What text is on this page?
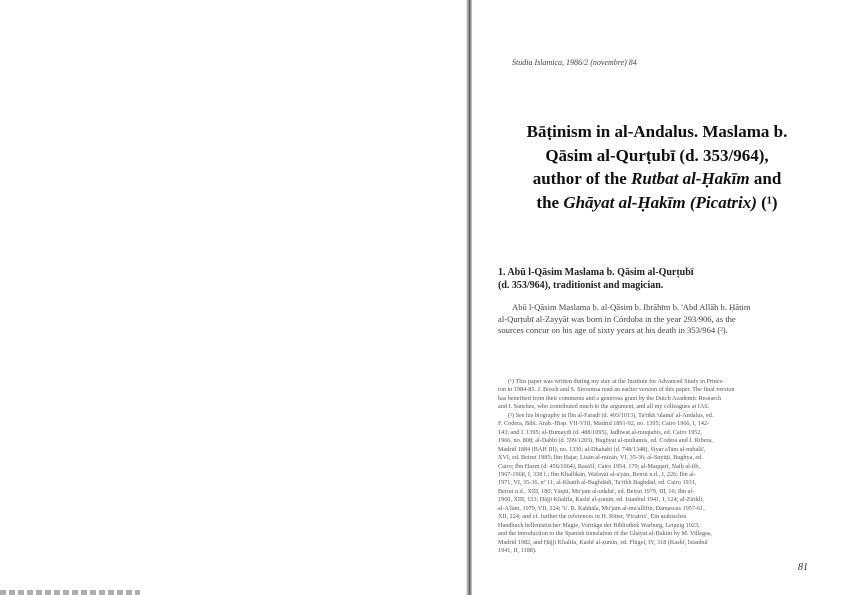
Studia Islamica, 1986/2 (novembre) 84
Bāṭinism in al-Andalus. Maslama b.
Qāsim al-Qurṭubī (d. 353/964),
author of the Rutbat al-Ḥakīm and
the Ghāyat al-Ḥakīm (Picatrix) (¹)
1. Abū l-Qāsim Maslama b. Qāsim al-Qurṭubī
(d. 353/964), traditionist and magician.
Abū l-Qāsim Maslama b. al-Qāsim b. Ibrāhīm b. 'Abd Allāh b. Ḥātim
al-Qurṭubī al-Zayyāt was born in Córdoba in the year 293/906, as the
sources concur on his age of sixty years at his death in 353/964 (²).
(¹) This paper was written during my stay at the Institute for Advanced Study in Prince-
ton in 1984-85. J. Bosch and S. Stroumsa read an earlier version of this paper. The final version
has benefited from their comments and a generous grant by the Dutch Academic Research
and I. Sanchez, who contributed much to the argument, and all my colleagues at IAS.
(²) See his biography in Ibn al-Faraḍī (d. 403/1013), Ta'rīkh 'ulamā' al-Andalus, ed.
F. Codera, Bibl. Arab.-Hisp. VII-VIII, Madrid 1891-92, no. 1395; Cairo 1966, I, 142-
143; and I. 1395; al-Ḥumaydī (d. 488/1095), Jadhwat al-muqtabis, ed. Cairo 1952,
1966, no. 808; al-Ḍabbī (d. 599/1203), Bughyat al-multamis, ed. Codera and J. Ribera,
Madrid 1884 (BAH III), no. 1330; al-Dhahabī (d. 748/1348), Siyar a'lām al-nubalā',
XVI, ed. Beirut 1985; Ibn Ḥajar, Lisān al-mīzān, VI, 35-36; al-Suyūṭī, Bughya, ed.
Cairo; Ibn Ḥazm (d. 456/1064), Rasā'il, Cairo 1954, 179; al-Maqqarī, Nafḥ al-ṭīb,
1967-1968, I, 338 f.; Ibn Khallikān, Wafayāt al-a'yān, Beirut n.d., I, 226; Ibn al-
1971, VI, 35-36, nº 11; al-Khaṭīb al-Baghdādī, Ta'rīkh Baghdād, ed. Cairo 1931,
Beirut n.d., XIII, 180; Yāqūt, Mu'jam al-udabā', ed. Beirut 1979, III, 16; Ibn al-
1960, XIII, 153; Ḥājjī Khalīfa, Kashf al-ẓunūn, ed. Istanbul 1941, I, 124; al-Ziriklī,
al-A'lām, 1979, VII, 224; 'U. R. Kaḥḥāla, Mu'jam al-mu'allifīn, Damascus 1957-61,
XII, 224; and cf. further the references in H. Ritter, 'Picatrix', Ein arabisches
Handbuch hellenistischer Magie, Vorträge der Bibliothek Warburg, Leipzig 1923;
and the introduction to the Spanish translation of the Ghāyat al-Ḥakīm by M. Villegas,
Madrid 1982, and Ḥājjī Khalīfa, Kashf al-ẓunūn, ed. Flügel, IV, 318 (Kashf, Istanbul
1941, II, 1188).
81
